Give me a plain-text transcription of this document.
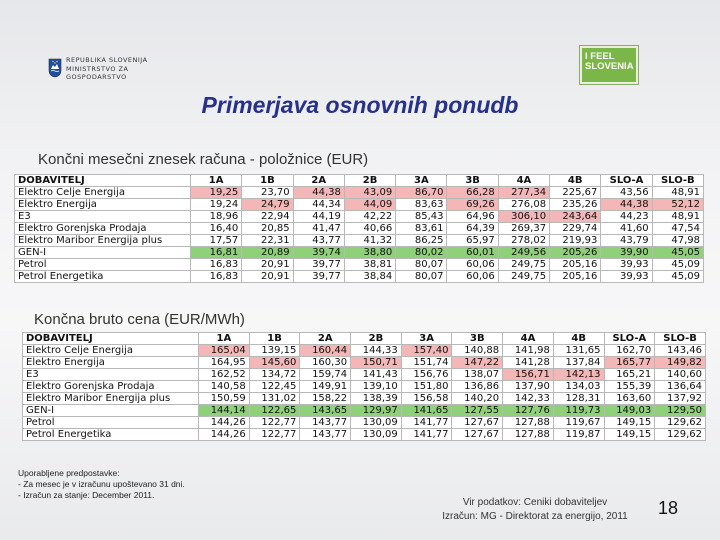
REPUBLIKA SLOVENIJA
MINISTRSTVO ZA
GOSPODARSTVO
I FEEL
SLOVENIA
Primerjava osnovnih ponudb
Končni mesečni znesek računa - položnice (EUR)
DOBAVITELJ	1A	1B	2A	2B	3A	3B	4A	4B	SLO-A	SLO-B
Elektro Celje Energija	19,25	23,70	44,38	43,09	86,70	66,28	277,34	225,67	43,56	48,91
Elektro Energija	19,24	24,79	44,34	44,09	83,63	69,26	276,08	235,26	44,38	52,12
E3	18,96	22,94	44,19	42,22	85,43	64,96	306,10	243,64	44,23	48,91
Elektro Gorenjska Prodaja	16,40	20,85	41,47	40,66	83,61	64,39	269,37	229,74	41,60	47,54
Elektro Maribor Energija plus	17,57	22,31	43,77	41,32	86,25	65,97	278,02	219,93	43,79	47,98
GEN-I	16,81	20,89	39,74	38,80	80,02	60,01	249,56	205,26	39,90	45,05
Petrol	16,83	20,91	39,77	38,81	80,07	60,06	249,75	205,16	39,93	45,09
Petrol Energetika	16,83	20,91	39,77	38,84	80,07	60,06	249,75	205,16	39,93	45,09
Končna bruto cena (EUR/MWh)
DOBAVITELJ	1A	1B	2A	2B	3A	3B	4A	4B	SLO-A	SLO-B
Elektro Celje Energija	165,04	139,15	160,44	144,33	157,40	140,88	141,98	131,65	162,70	143,46
Elektro Energija	164,95	145,60	160,30	150,71	151,74	147,22	141,28	137,84	165,77	149,82
E3	162,52	134,72	159,74	141,43	156,76	138,07	156,71	142,13	165,21	140,60
Elektro Gorenjska Prodaja	140,58	122,45	149,91	139,10	151,80	136,86	137,90	134,03	155,39	136,64
Elektro Maribor Energija plus	150,59	131,02	158,22	138,39	156,58	140,20	142,33	128,31	163,60	137,92
GEN-I	144,14	122,65	143,65	129,97	141,65	127,55	127,76	119,73	149,03	129,50
Petrol	144,26	122,77	143,77	130,09	141,77	127,67	127,88	119,67	149,15	129,62
Petrol Energetika	144,26	122,77	143,77	130,09	141,77	127,67	127,88	119,87	149,15	129,62
Uporabljene predpostavke:
- Za mesec je v izračunu upoštevano 31 dni.
- Izračun za stanje: December 2011.
Vir podatkov: Ceniki dobaviteljev
Izračun: MG - Direktorat za energijo, 2011	18
